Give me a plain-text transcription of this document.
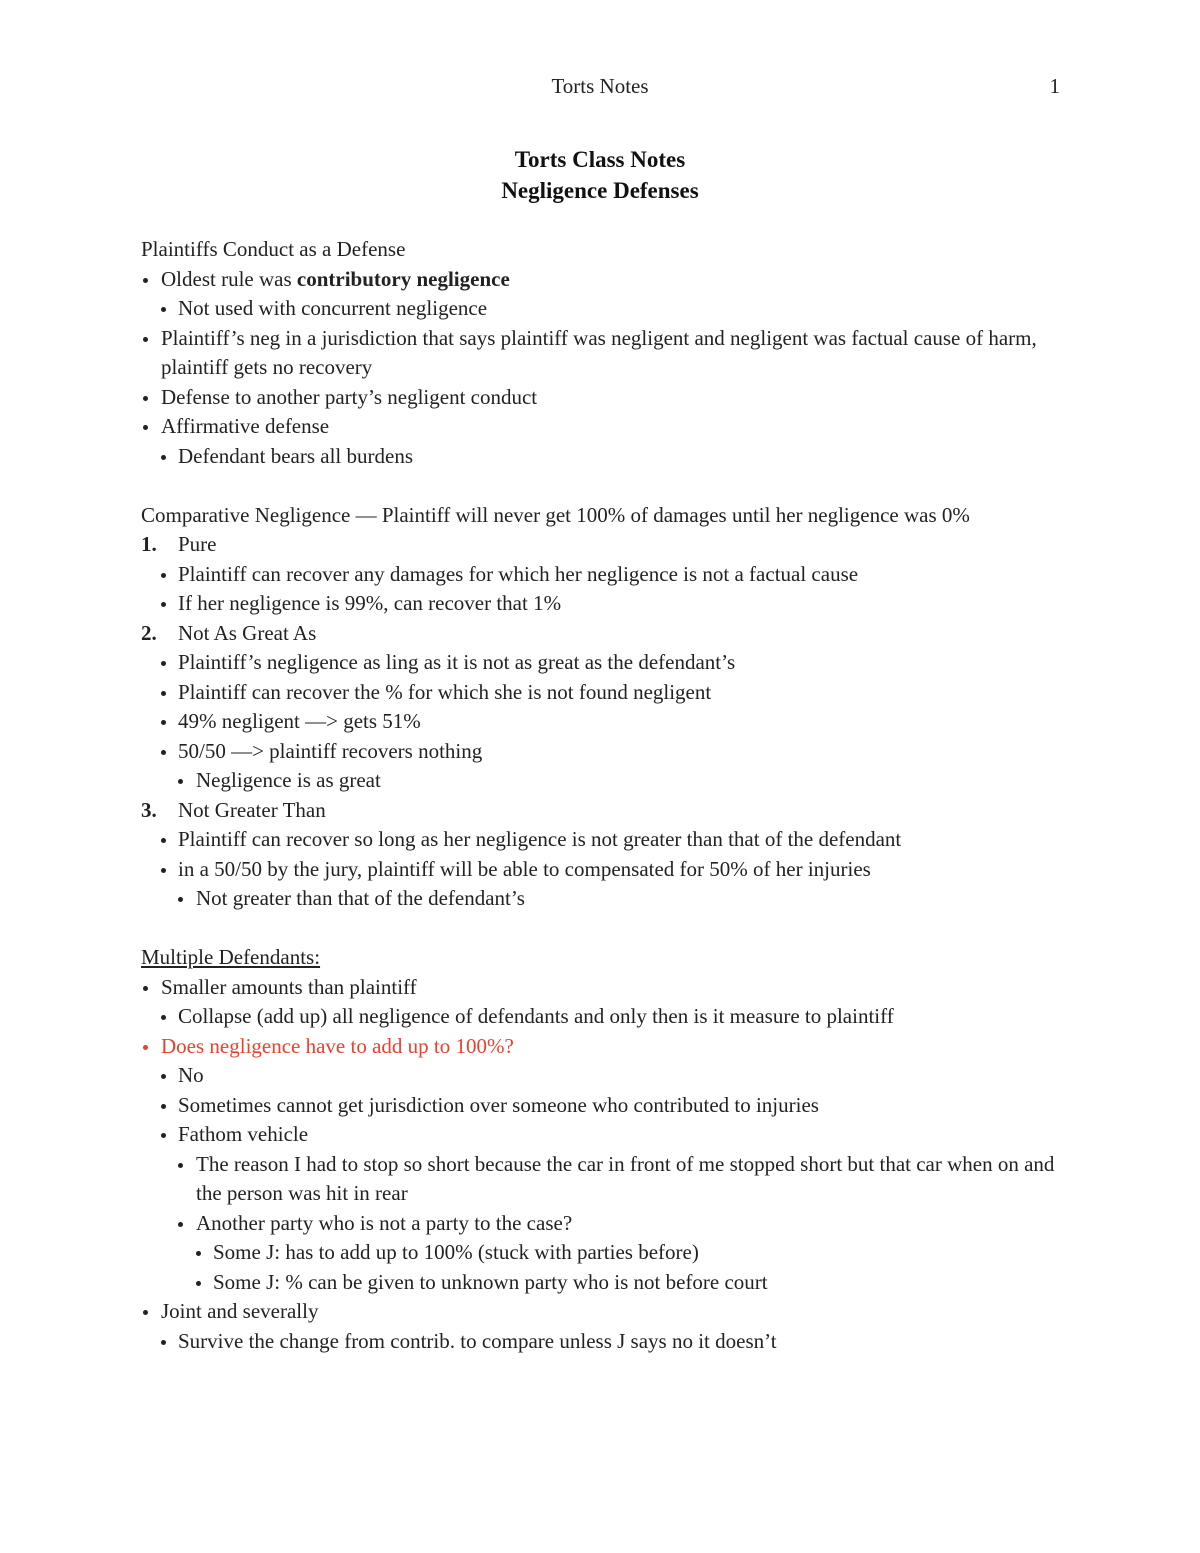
Torts Notes	1
Torts Class Notes
Negligence Defenses
Plaintiffs Conduct as a Defense
Oldest rule was contributory negligence
Not used with concurrent negligence
Plaintiff’s neg in a jurisdiction that says plaintiff was negligent and negligent was factual cause of harm, plaintiff gets no recovery
Defense to another party’s negligent conduct
Affirmative defense
Defendant bears all burdens
Comparative Negligence — Plaintiff will never get 100% of damages until her negligence was 0%
1. Pure
Plaintiff can recover any damages for which her negligence is not a factual cause
If her negligence is 99%, can recover that 1%
2. Not As Great As
Plaintiff’s negligence as ling as it is not as great as the defendant’s
Plaintiff can recover the % for which she is not found negligent
49% negligent —> gets 51%
50/50 —> plaintiff recovers nothing
Negligence is as great
3. Not Greater Than
Plaintiff can recover so long as her negligence is not greater than that of the defendant
in a 50/50 by the jury, plaintiff will be able to compensated for 50% of her injuries
Not greater than that of the defendant’s
Multiple Defendants:
Smaller amounts than plaintiff
Collapse (add up) all negligence of defendants and only then is it measure to plaintiff
Does negligence have to add up to 100%?
No
Sometimes cannot get jurisdiction over someone who contributed to injuries
Fathom vehicle
The reason I had to stop so short because the car in front of me stopped short but that car when on and the person was hit in rear
Another party who is not a party to the case?
Some J: has to add up to 100% (stuck with parties before)
Some J: % can be given to unknown party who is not before court
Joint and severally
Survive the change from contrib. to compare unless J says no it doesn’t
